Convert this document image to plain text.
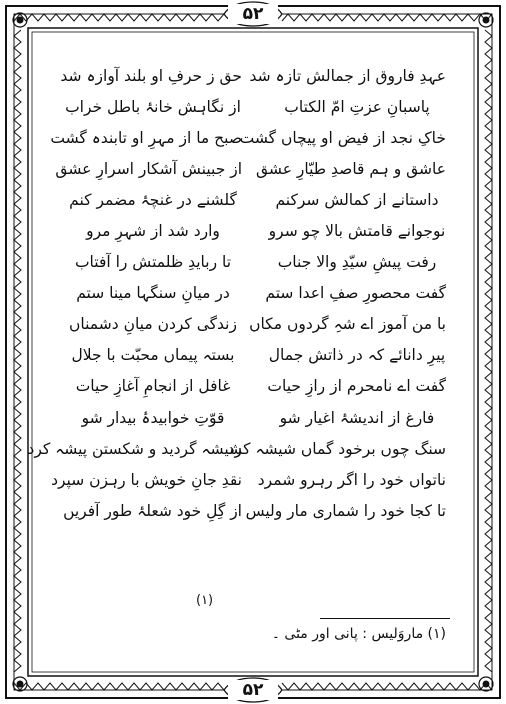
۵۲
۵۲
عہدِ فاروق از جمالش تازہ شد
حق ز حرفِ او بلند آوازہ شد
پاسبانِ عزتِ امّ الکتاب
از نگاہش خانۂ باطل خراب
خاکِ نجد از فیض او پیچاں گشت
صبح ما از مہرِ او تابندہ گشت
عاشق و ہم قاصدِ طیّارِ عشق
از جبینش آشکار اسرارِ عشق
داستانے از کمالش سرکنم
گلشنے در غنچۂ مضمر کنم
نوجوانے قامتش بالا چو سرو
وارد شد از شہرِ مرو
رفت پیشِ سیّدِ والا جناب
تا ربایدِ ظلمتش را آفتاب
گفت محصورِ صفِ اعدا ستم
در میانِ سنگہا مینا ستم
با من آموز اے شہِ گردوں مکاں
زندگی کردن میانِ دشمناں
پیرِ دانائے کہ در ذاتش جمال
بستہ پیماں محبّت با جلال
گفت اے نامحرم از رازِ حیات
غافل از انجامِ آغازِ حیات
فارغ از اندیشۂ اغیار شو
قوّتِ خوابیدۂ بیدار شو
سنگ چوں برخود گماں شیشہ کرد
شیشہ گردید و شکستن پیشہ کرد
ناتواں خود را اگر رہرو شمرد
نقدِ جانِ خویش با رہزن سپرد
تا کجا خود را شماری مار ولیس
از گِلِ خود شعلۂ طور آفریں
(۱)
(۱) ماروَلیس : پانی اور مٹی ۔
